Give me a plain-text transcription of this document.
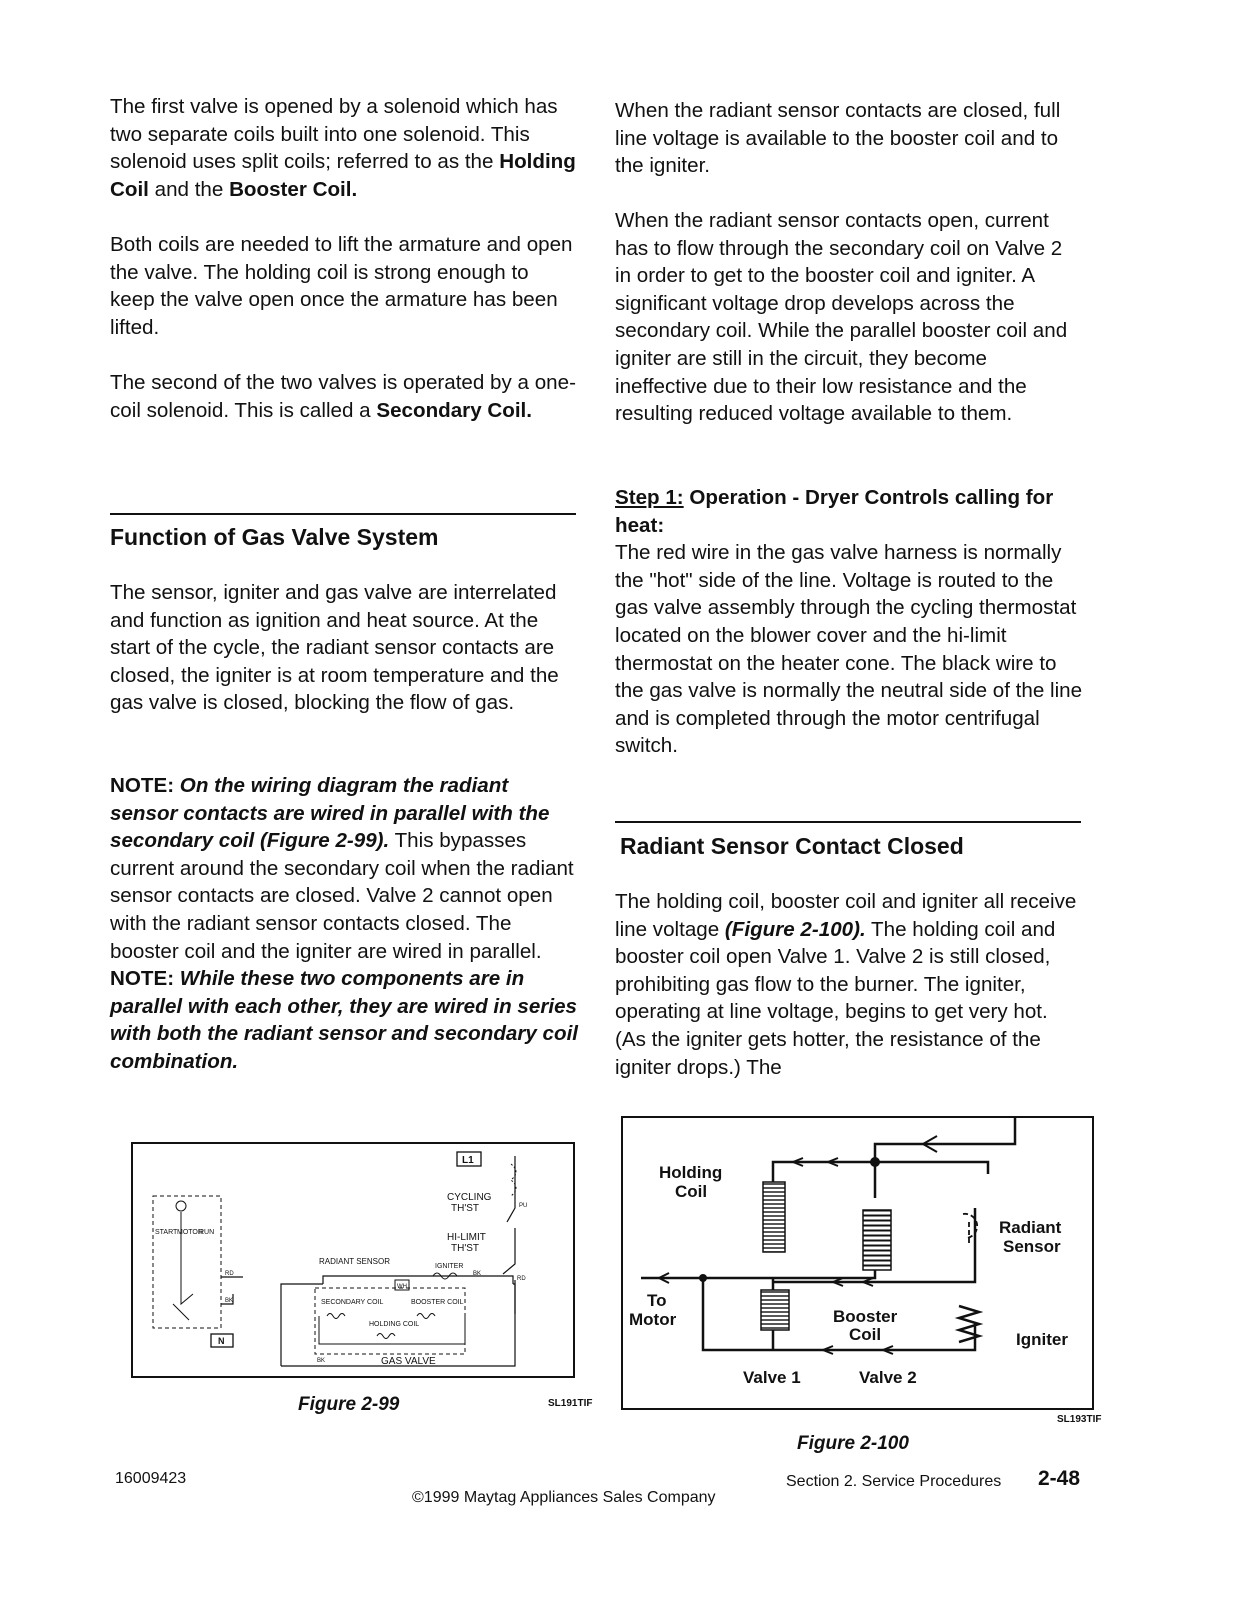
The first valve is opened by a solenoid which has two separate coils built into one solenoid. This solenoid uses split coils; referred to as the Holding Coil and the Booster Coil.

Both coils are needed to lift the armature and open the valve. The holding coil is strong enough to keep the valve open once the armature has been lifted.

The second of the two valves is operated by a one-coil solenoid. This is called a Secondary Coil.

Function of Gas Valve System

The sensor, igniter and gas valve are interrelated and function as ignition and heat source. At the start of the cycle, the radiant sensor contacts are closed, the igniter is at room temperature and the gas valve is closed, blocking the flow of gas.

NOTE: On the wiring diagram the radiant sensor contacts are wired in parallel with the secondary coil (Figure 2-99). This bypasses current around the secondary coil when the radiant sensor contacts are closed. Valve 2 cannot open with the radiant sensor contacts closed. The booster coil and the igniter are wired in parallel. NOTE: While these two components are in parallel with each other, they are wired in series with both the radiant sensor and secondary coil combination.

When the radiant sensor contacts are closed, full line voltage is available to the booster coil and to the igniter.

When the radiant sensor contacts open, current has to flow through the secondary coil on Valve 2 in order to get to the booster coil and igniter. A significant voltage drop develops across the secondary coil. While the parallel booster coil and igniter are still in the circuit, they become ineffective due to their low resistance and the resulting reduced voltage available to them.

Step 1: Operation - Dryer Controls calling for heat:

The red wire in the gas valve harness is normally the "hot" side of the line. Voltage is routed to the gas valve assembly through the cycling thermostat located on the blower cover and the hi-limit thermostat on the heater cone. The black wire to the gas valve is normally the neutral side of the line and is completed through the motor centrifugal switch.

Radiant Sensor Contact Closed

The holding coil, booster coil and igniter all receive line voltage (Figure 2-100). The holding coil and booster coil open Valve 1. Valve 2 is still closed, prohibiting gas flow to the burner. The igniter, operating at line voltage, begins to get very hot. (As the igniter gets hotter, the resistance of the igniter drops.) The

L1
CYCLING
TH'ST	PU
HI-LIMIT
TH'ST
START MOTOR
RUN
N
RD
BK
RD
RADIANT SENSOR
IGNITER
BK
WH
SECONDARY COIL	BOOSTER COIL
HOLDING COIL
BK	GAS VALVE
Figure 2-99	SL191TIF
Holding
Coil
Radiant
Sensor
To
Motor	Booster
Coil	Igniter
Valve 1	Valve 2
SL193TIF
Figure 2-100
16009423
©1999 Maytag Appliances Sales Company
Section 2. Service Procedures 2-48
